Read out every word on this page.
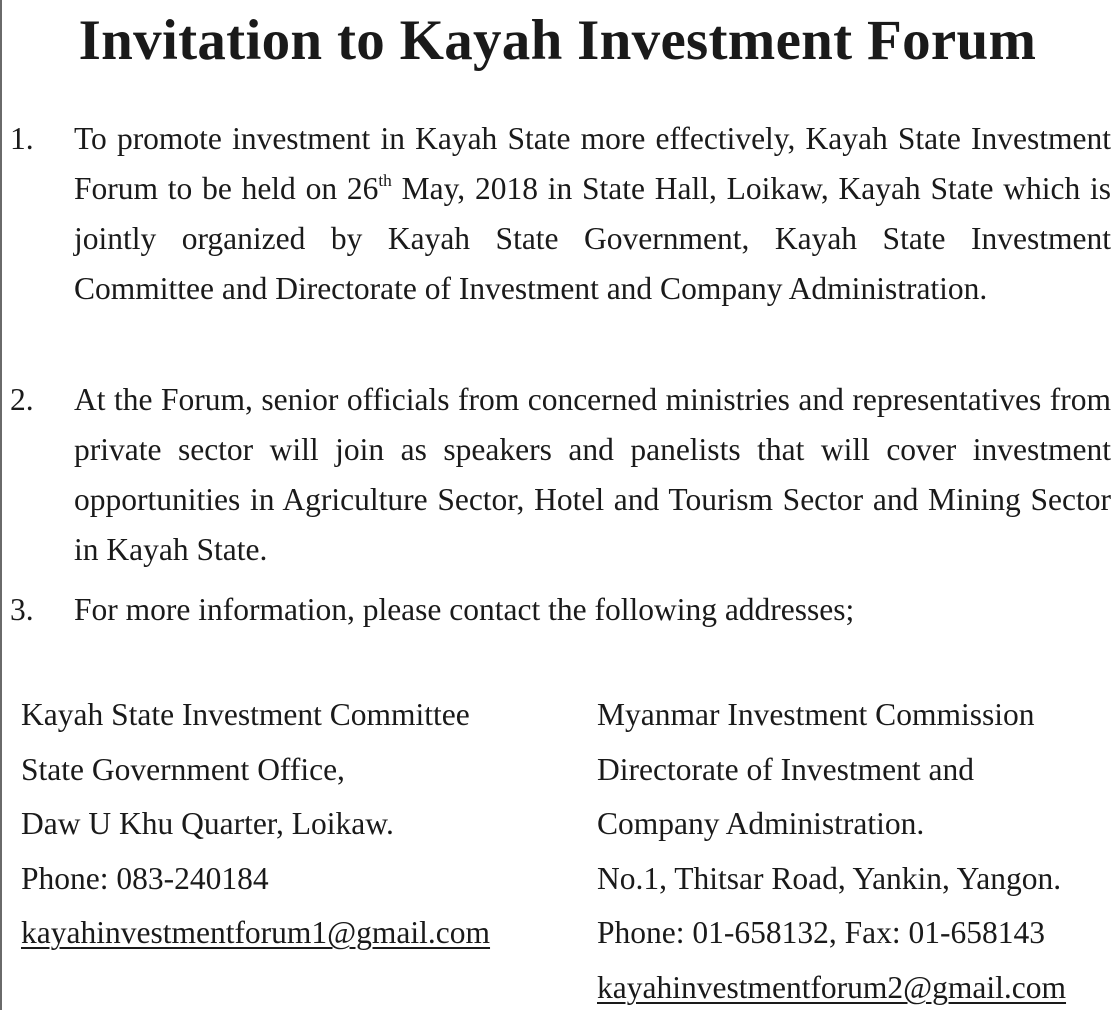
Invitation to Kayah Investment Forum
1. To promote investment in Kayah State more effectively, Kayah State Investment Forum to be held on 26th May, 2018 in State Hall, Loikaw, Kayah State which is jointly organized by Kayah State Government, Kayah State Investment Committee and Directorate of Investment and Company Administration.
2. At the Forum, senior officials from concerned ministries and representatives from private sector will join as speakers and panelists that will cover investment opportunities in Agriculture Sector, Hotel and Tourism Sector and Mining Sector in Kayah State.
3. For more information, please contact the following addresses;
Kayah State Investment Committee
State Government Office,
Daw U Khu Quarter, Loikaw.
Phone: 083-240184
kayahinvestmentforum1@gmail.com
Myanmar Investment Commission
Directorate of Investment and
Company Administration.
No.1, Thitsar Road, Yankin, Yangon.
Phone: 01-658132, Fax: 01-658143
kayahinvestmentforum2@gmail.com
